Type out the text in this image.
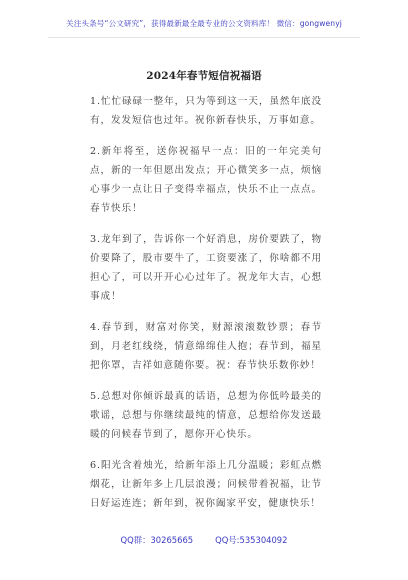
关注头条号“公文研究”，获得最新最全最专业的公文资料库！ 微信：gongwenyj
2024年春节短信祝福语

1.忙忙碌碌一整年，只为等到这一天，虽然年底没有，发发短信也过年。祝你新春快乐，万事如意。

2.新年将至，送你祝福早一点：旧的一年完美句点，新的一年但愿出发点；开心微笑多一点，烦恼心事少一点让日子变得幸福点，快乐不止一点点。春节快乐！

3.龙年到了，告诉你一个好消息，房价要跌了，物价要降了，股市要牛了，工资要涨了，你啥都不用担心了，可以开开心心过年了。祝龙年大吉，心想事成！

4.春节到，财富对你笑，财源滚滚数钞票；春节到，月老红线绕，情意绵绵佳人抱；春节到，福星把你罩，吉祥如意随你要。祝：春节快乐数你妙！

5.总想对你倾诉最真的话语，总想为你低吟最美的歌谣，总想与你继续最纯的情意，总想给你发送最暖的问候春节到了，愿你开心快乐。

6.阳光含着烛光，给新年添上几分温暖；彩虹点燃烟花，让新年多上几层浪漫；问候带着祝福，让节日好运连连；新年到，祝你阖家平安，健康快乐！

QQ群：30265665	QQ号:535304092
